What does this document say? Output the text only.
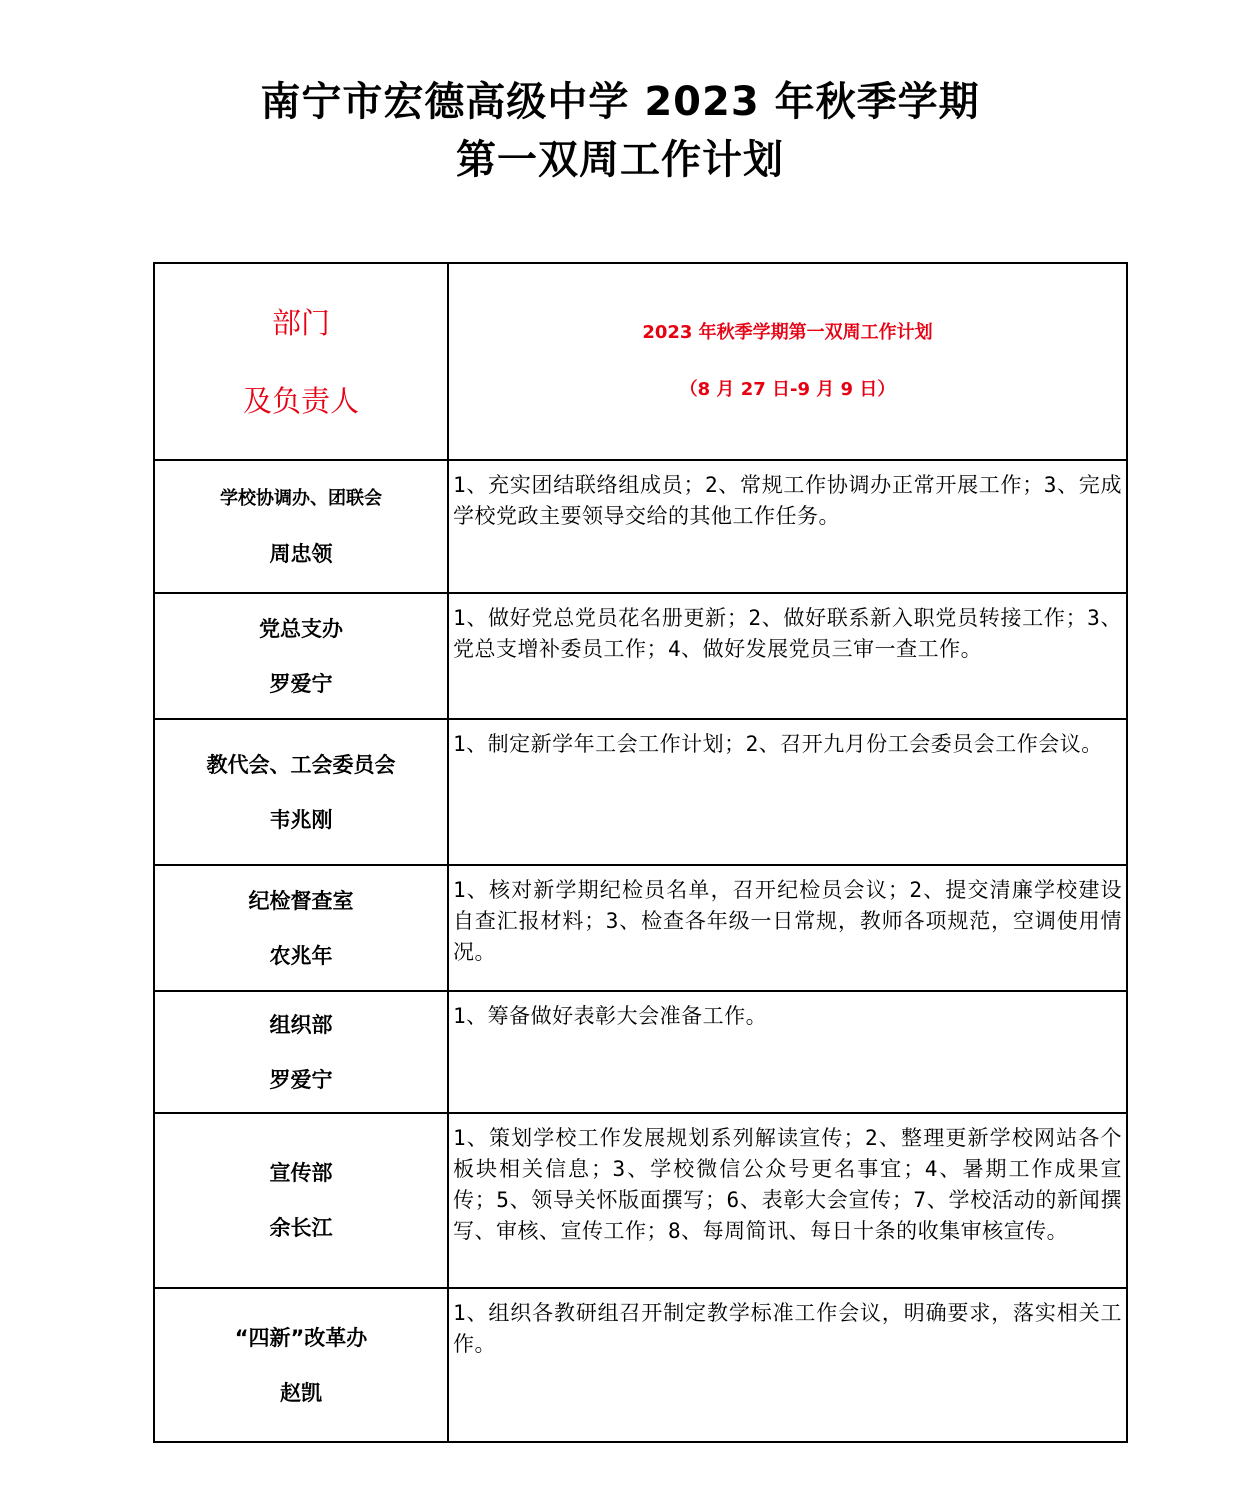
南宁市宏德高级中学 2023 年秋季学期
第一双周工作计划
部门
及负责人	2023 年秋季学期第一双周工作计划
（8 月 27 日-9 月 9 日）

学校协调办、团联会
周忠领	1、充实团结联络组成员；2、常规工作协调办正常开展工作；3、完成学校党政主要领导交给的其他工作任务。

党总支办
罗爱宁	1、做好党总党员花名册更新；2、做好联系新入职党员转接工作；3、党总支增补委员工作；4、做好发展党员三审一查工作。

教代会、工会委员会
韦兆刚	1、制定新学年工会工作计划；2、召开九月份工会委员会工作会议。

纪检督查室
农兆年	1、核对新学期纪检员名单，召开纪检员会议；2、提交清廉学校建设自查汇报材料；3、检查各年级一日常规，教师各项规范，空调使用情况。

组织部
罗爱宁	1、筹备做好表彰大会准备工作。

宣传部
余长江	1、策划学校工作发展规划系列解读宣传；2、整理更新学校网站各个板块相关信息；3、学校微信公众号更名事宜；4、暑期工作成果宣传；5、领导关怀版面撰写；6、表彰大会宣传；7、学校活动的新闻撰写、审核、宣传工作；8、每周简讯、每日十条的收集审核宣传。

“四新”改革办
赵凯	1、组织各教研组召开制定教学标准工作会议，明确要求，落实相关工作。
